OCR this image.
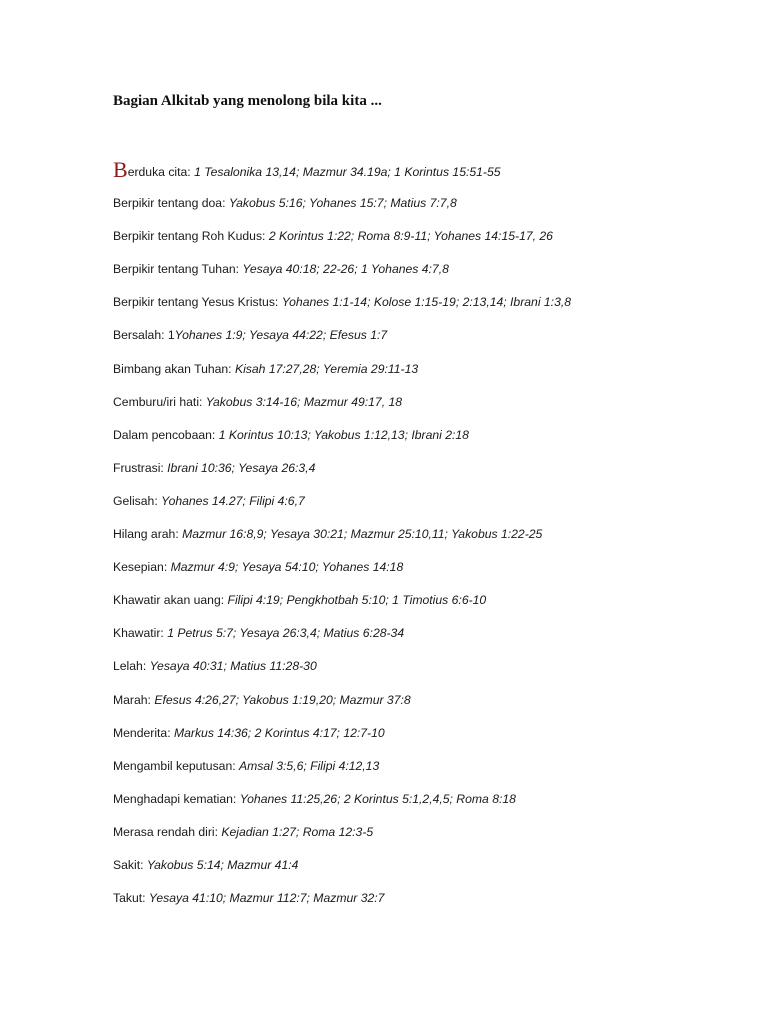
Bagian Alkitab yang menolong bila kita ...
Berduka cita: 1 Tesalonika 13,14; Mazmur 34.19a; 1 Korintus 15:51-55
Berpikir tentang doa: Yakobus 5:16; Yohanes 15:7; Matius 7:7,8
Berpikir tentang Roh Kudus: 2 Korintus 1:22; Roma 8:9-11; Yohanes 14:15-17, 26
Berpikir tentang Tuhan: Yesaya 40:18; 22-26; 1 Yohanes 4:7,8
Berpikir tentang Yesus Kristus: Yohanes 1:1-14; Kolose 1:15-19; 2:13,14; Ibrani 1:3,8
Bersalah: 1Yohanes 1:9; Yesaya 44:22; Efesus 1:7
Bimbang akan Tuhan: Kisah 17:27,28; Yeremia 29:11-13
Cemburu/iri hati: Yakobus 3:14-16; Mazmur 49:17, 18
Dalam pencobaan: 1 Korintus 10:13; Yakobus 1:12,13; Ibrani 2:18
Frustrasi: Ibrani 10:36; Yesaya 26:3,4
Gelisah: Yohanes 14.27; Filipi 4:6,7
Hilang arah: Mazmur 16:8,9; Yesaya 30:21; Mazmur 25:10,11; Yakobus 1:22-25
Kesepian: Mazmur 4:9; Yesaya 54:10; Yohanes 14:18
Khawatir akan uang: Filipi 4:19; Pengkhotbah 5:10; 1 Timotius 6:6-10
Khawatir: 1 Petrus 5:7; Yesaya 26:3,4; Matius 6:28-34
Lelah: Yesaya 40:31; Matius 11:28-30
Marah: Efesus 4:26,27; Yakobus 1:19,20; Mazmur 37:8
Menderita: Markus 14:36; 2 Korintus 4:17; 12:7-10
Mengambil keputusan: Amsal 3:5,6; Filipi 4:12,13
Menghadapi kematian: Yohanes 11:25,26; 2 Korintus 5:1,2,4,5; Roma 8:18
Merasa rendah diri: Kejadian 1:27; Roma 12:3-5
Sakit: Yakobus 5:14; Mazmur 41:4
Takut: Yesaya 41:10; Mazmur 112:7; Mazmur 32:7
